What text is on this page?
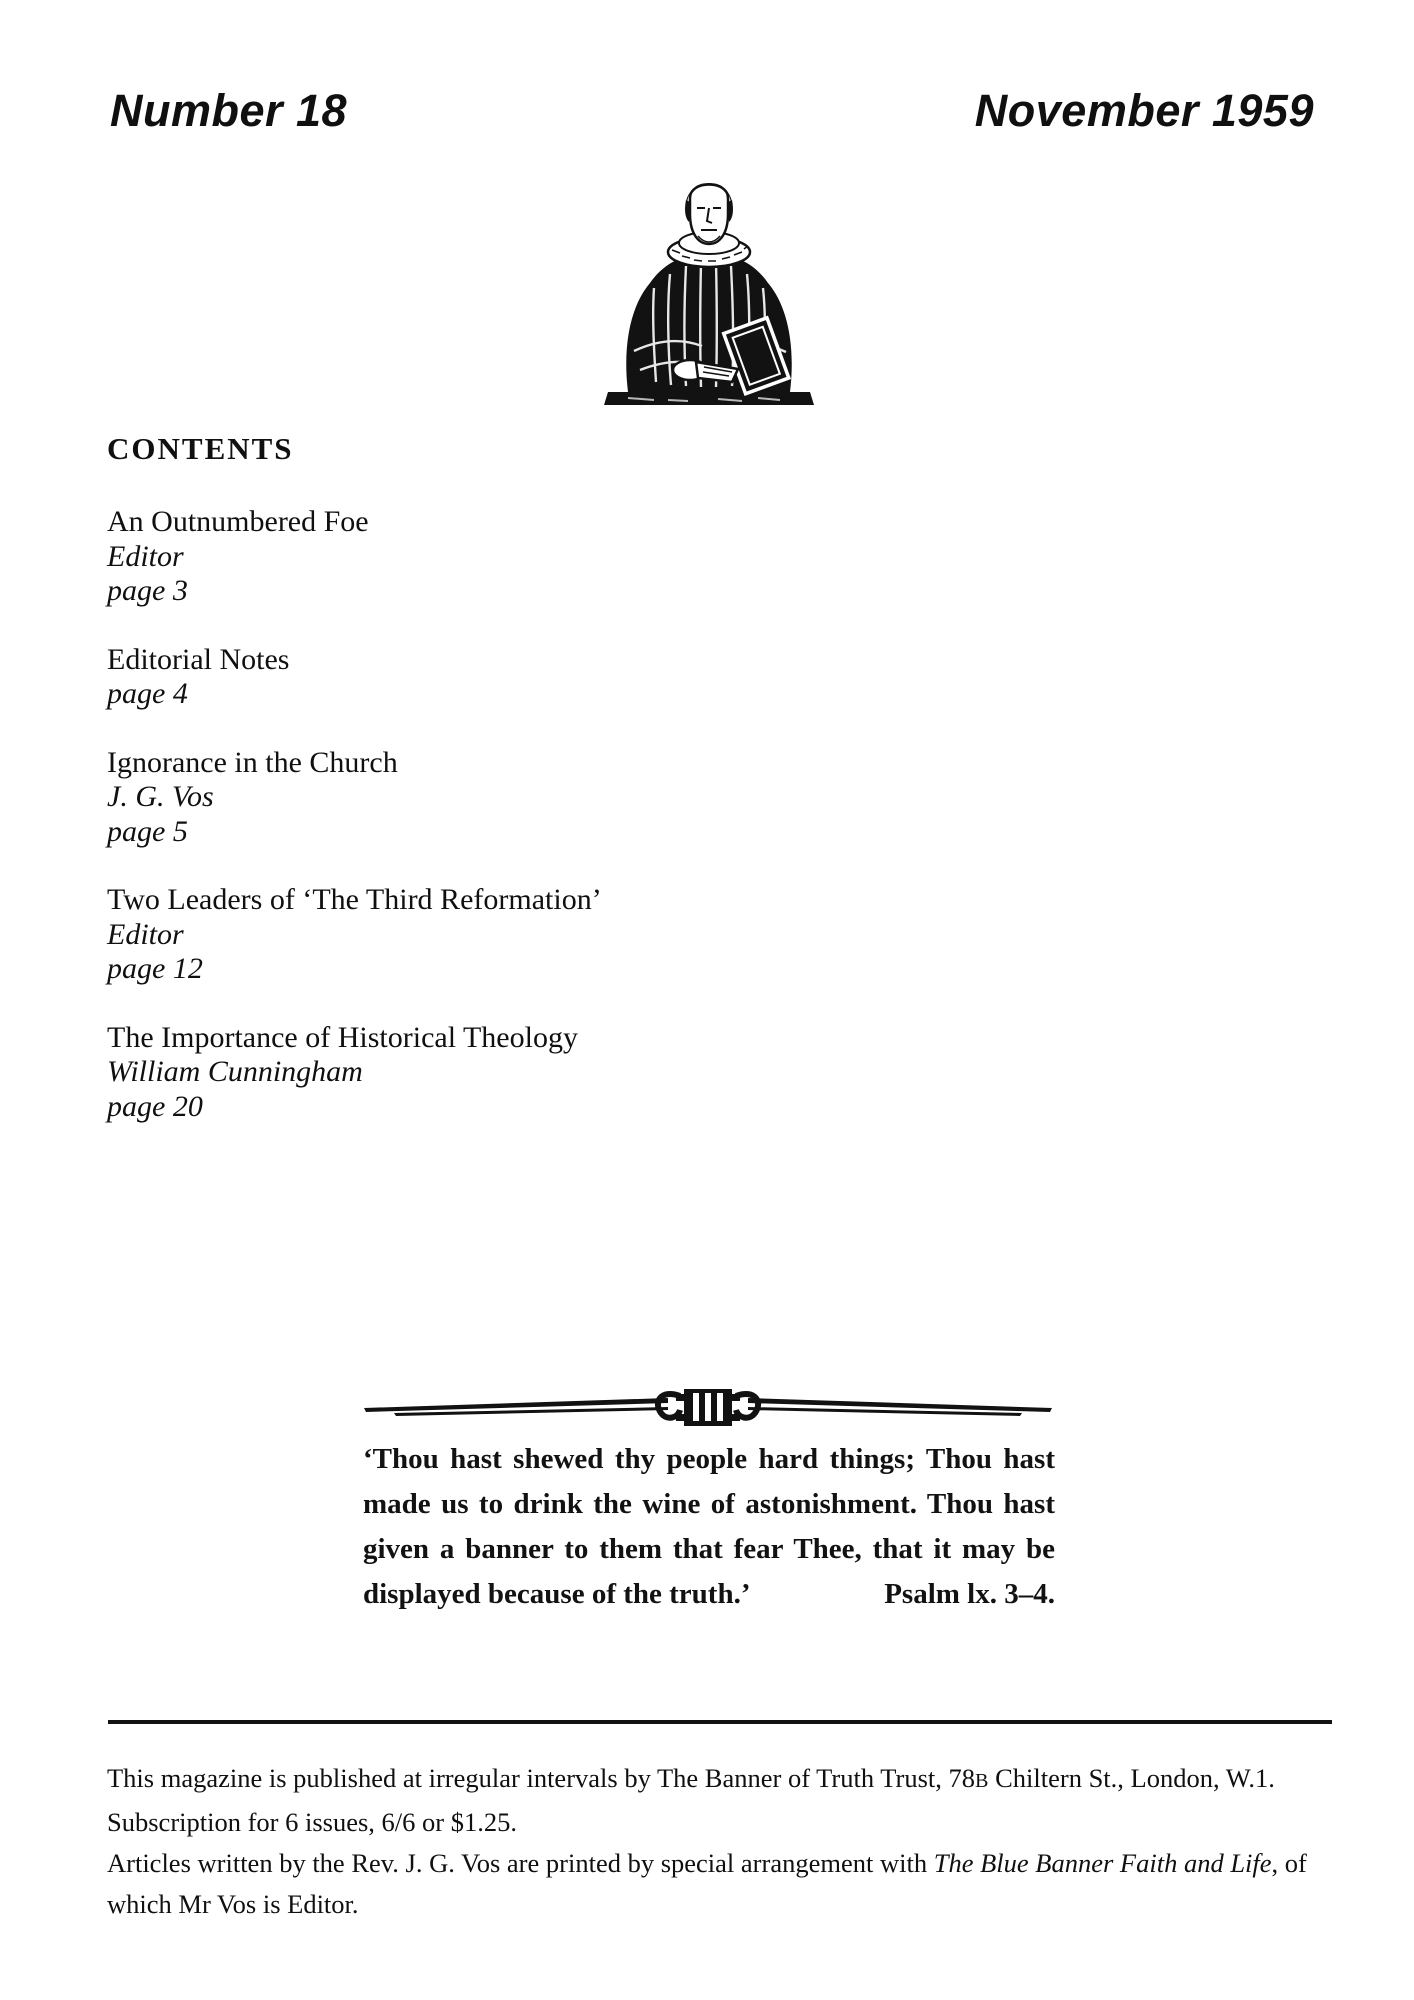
Number 18	November 1959
CONTENTS
An Outnumbered Foe
Editor
page 3
Editorial Notes
page 4
Ignorance in the Church
J. G. Vos
page 5
Two Leaders of ‘The Third Reformation’
Editor
page 12
The Importance of Historical Theology
William Cunningham
page 20
‘Thou hast shewed thy people hard things; Thou hast
made us to drink the wine of astonishment. Thou hast
given a banner to them that fear Thee, that it may be
displayed because of the truth.’	Psalm lx. 3–4.
This magazine is published at irregular intervals by The Banner of Truth Trust, 78B Chiltern St., London, W.1.
Subscription for 6 issues, 6/6 or $1.25.
Articles written by the Rev. J. G. Vos are printed by special arrangement with The Blue Banner Faith and Life, of
which Mr Vos is Editor.
